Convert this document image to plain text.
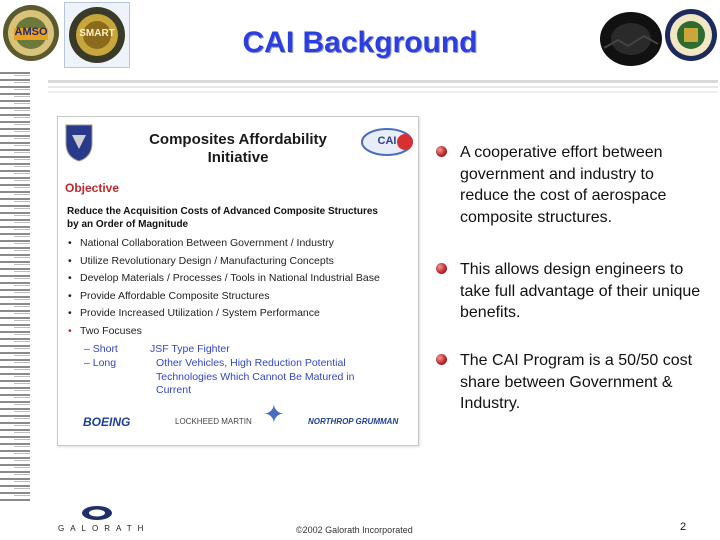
AMSO	SMART	CAI Background
Composites Affordability
Initiative
CAI
Objective
Reduce the Acquisition Costs of Advanced Composite Structures
by an Order of Magnitude
• National Collaboration Between Government / Industry
• Utilize Revolutionary Design / Manufacturing Concepts
• Develop Materials / Processes / Tools in National Industrial Base
• Provide Affordable Composite Structures
• Provide Increased Utilization / System Performance
• Two Focuses
– Short	JSF Type Fighter
– Long	Other Vehicles, High Reduction Potential
Technologies Which Cannot Be Matured in
Current
BOEING	LOCKHEED MARTIN ✦	NORTHROP GRUMMAN
A cooperative effort between government and industry to reduce the cost of aerospace composite structures.
This allows design engineers to take full advantage of their unique benefits.
The CAI Program is a 50/50 cost share between Government & Industry.
GALORATH	©2002 Galorath Incorporated	2
